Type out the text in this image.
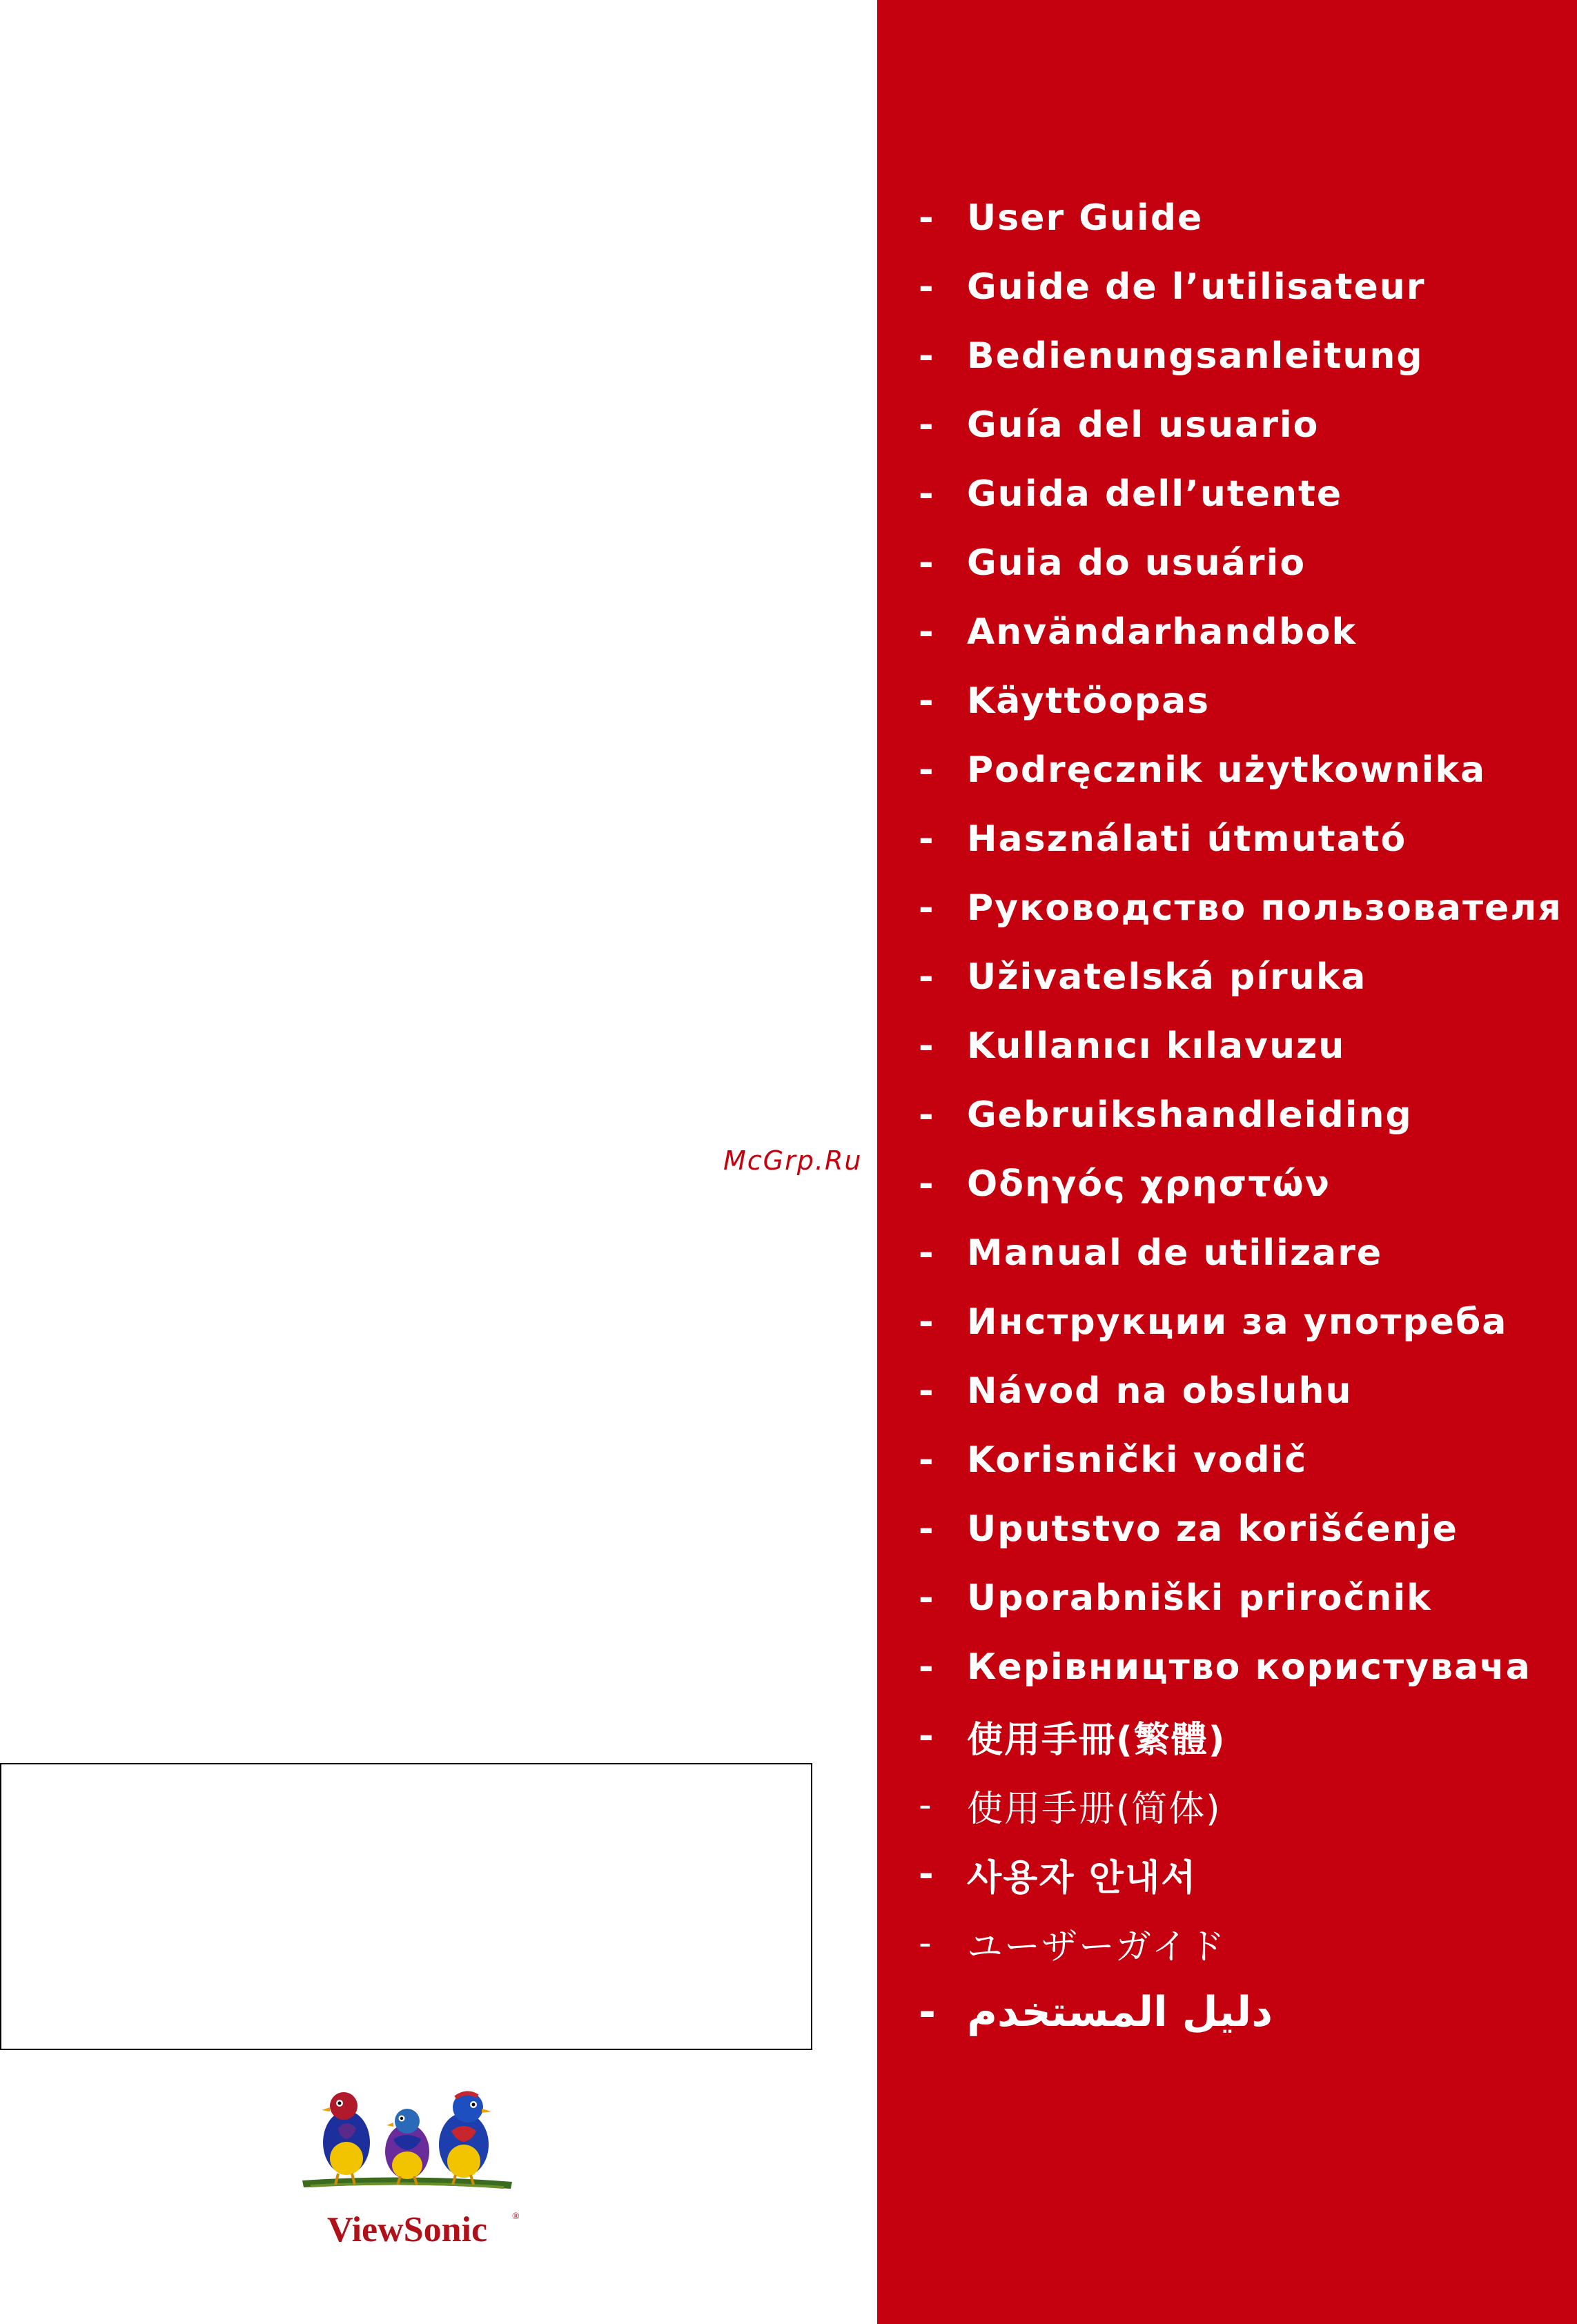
- User Guide
- Guide de l’utilisateur
- Bedienungsanleitung
- Guía del usuario
- Guida dell’utente
- Guia do usuário
- Användarhandbok
- Käyttöopas
- Podręcznik użytkownika
- Használati útmutató
- Руководство пользователя
- Uživatelská píruka
- Kullanıcı kılavuzu
- Gebruikshandleiding
- Οδηγός χρηστών
- Manual de utilizare
- Инструкции за употреба
- Návod na obsluhu
- Korisnički vodič
- Uputstvo za korišćenje
- Uporabniški priročnik
- Керівництво користувача
- 使用手冊(繁體)
- 使用手册(简体)
- 사용자 안내서
- ユーザーガイド
- دليل المستخدم
McGrp.Ru
ViewSonic	®
